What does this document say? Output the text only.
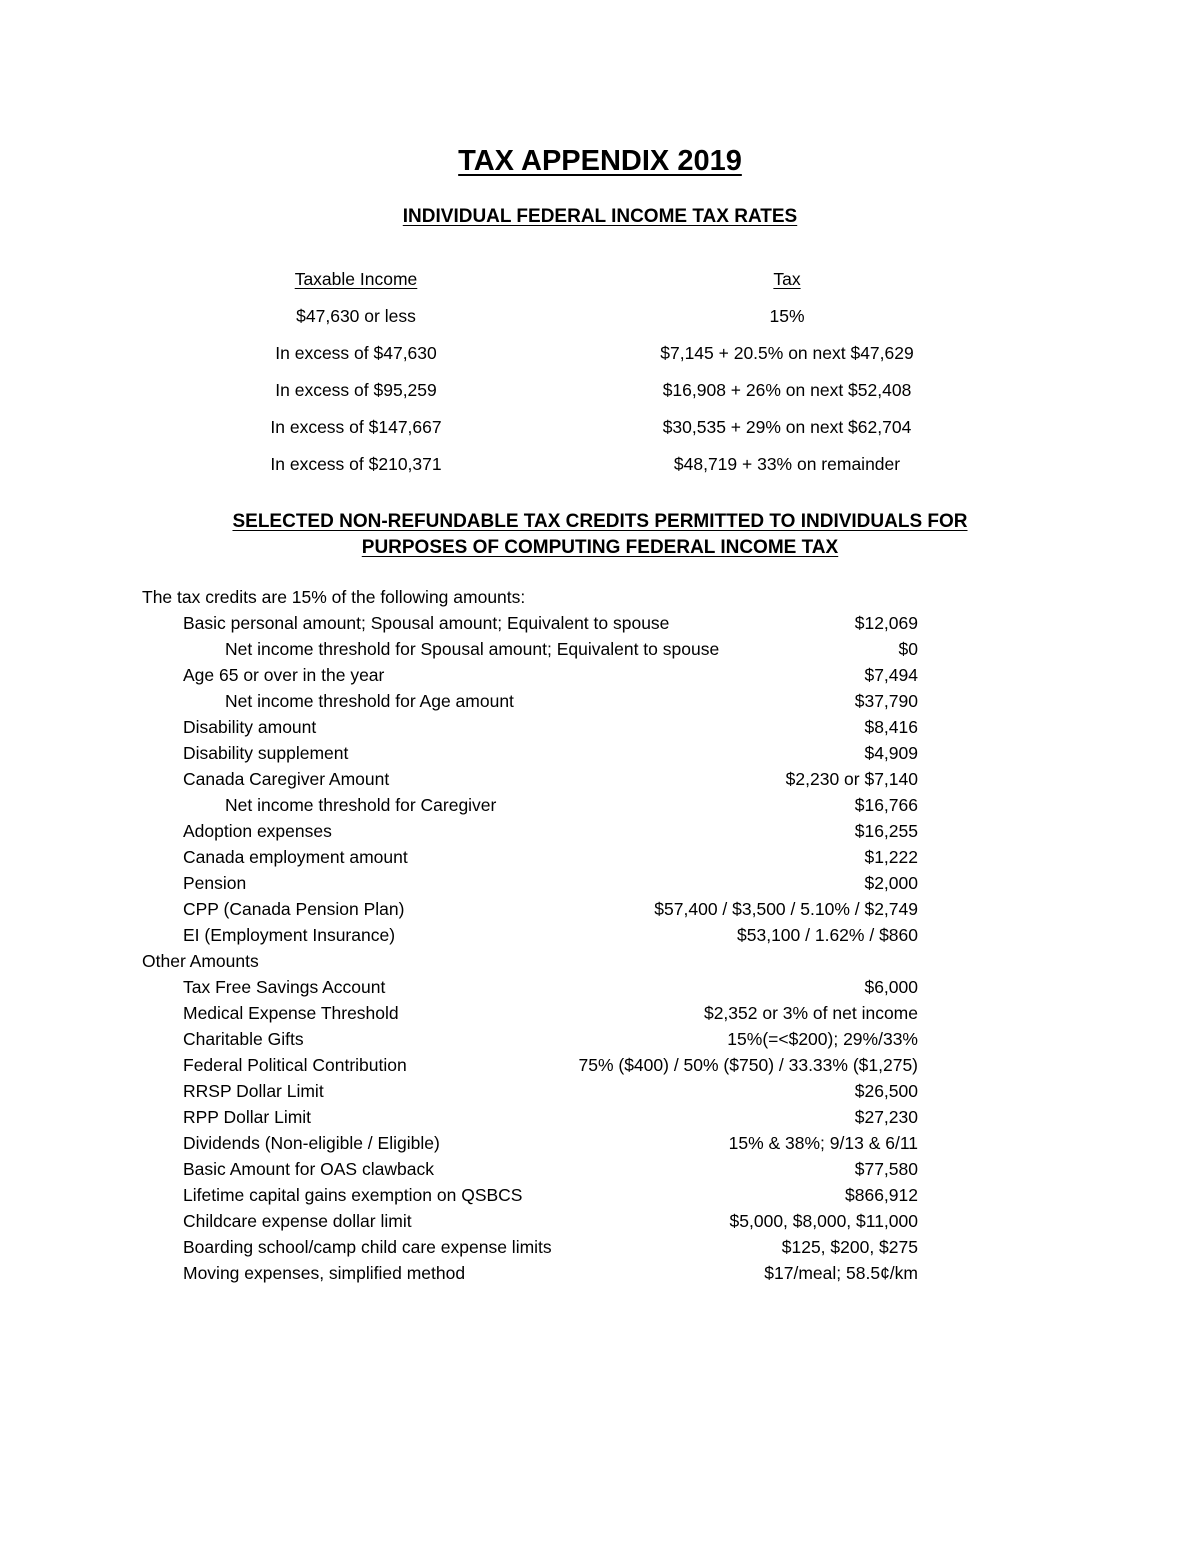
TAX APPENDIX 2019
INDIVIDUAL FEDERAL INCOME TAX RATES
Taxable Income	Tax
$47,630 or less	15%
In excess of $47,630	$7,145 + 20.5% on next $47,629
In excess of $95,259	$16,908 + 26% on next $52,408
In excess of $147,667	$30,535 + 29% on next $62,704
In excess of $210,371	$48,719 + 33% on remainder
SELECTED NON-REFUNDABLE TAX CREDITS PERMITTED TO INDIVIDUALS FOR
PURPOSES OF COMPUTING FEDERAL INCOME TAX
The tax credits are 15% of the following amounts:
Basic personal amount; Spousal amount; Equivalent to spouse	$12,069
Net income threshold for Spousal amount; Equivalent to spouse	$0
Age 65 or over in the year	$7,494
Net income threshold for Age amount	$37,790
Disability amount	$8,416
Disability supplement	$4,909
Canada Caregiver Amount	$2,230 or $7,140
Net income threshold for Caregiver	$16,766
Adoption expenses	$16,255
Canada employment amount	$1,222
Pension	$2,000
CPP (Canada Pension Plan)	$57,400 / $3,500 / 5.10% / $2,749
EI (Employment Insurance)	$53,100 / 1.62% / $860
Other Amounts
Tax Free Savings Account	$6,000
Medical Expense Threshold	$2,352 or 3% of net income
Charitable Gifts	15%(=<$200); 29%/33%
Federal Political Contribution	75% ($400) / 50% ($750) / 33.33% ($1,275)
RRSP Dollar Limit	$26,500
RPP Dollar Limit	$27,230
Dividends (Non-eligible / Eligible)	15% & 38%; 9/13 & 6/11
Basic Amount for OAS clawback	$77,580
Lifetime capital gains exemption on QSBCS	$866,912
Childcare expense dollar limit	$5,000, $8,000, $11,000
Boarding school/camp child care expense limits	$125, $200, $275
Moving expenses, simplified method	$17/meal; 58.5¢/km
